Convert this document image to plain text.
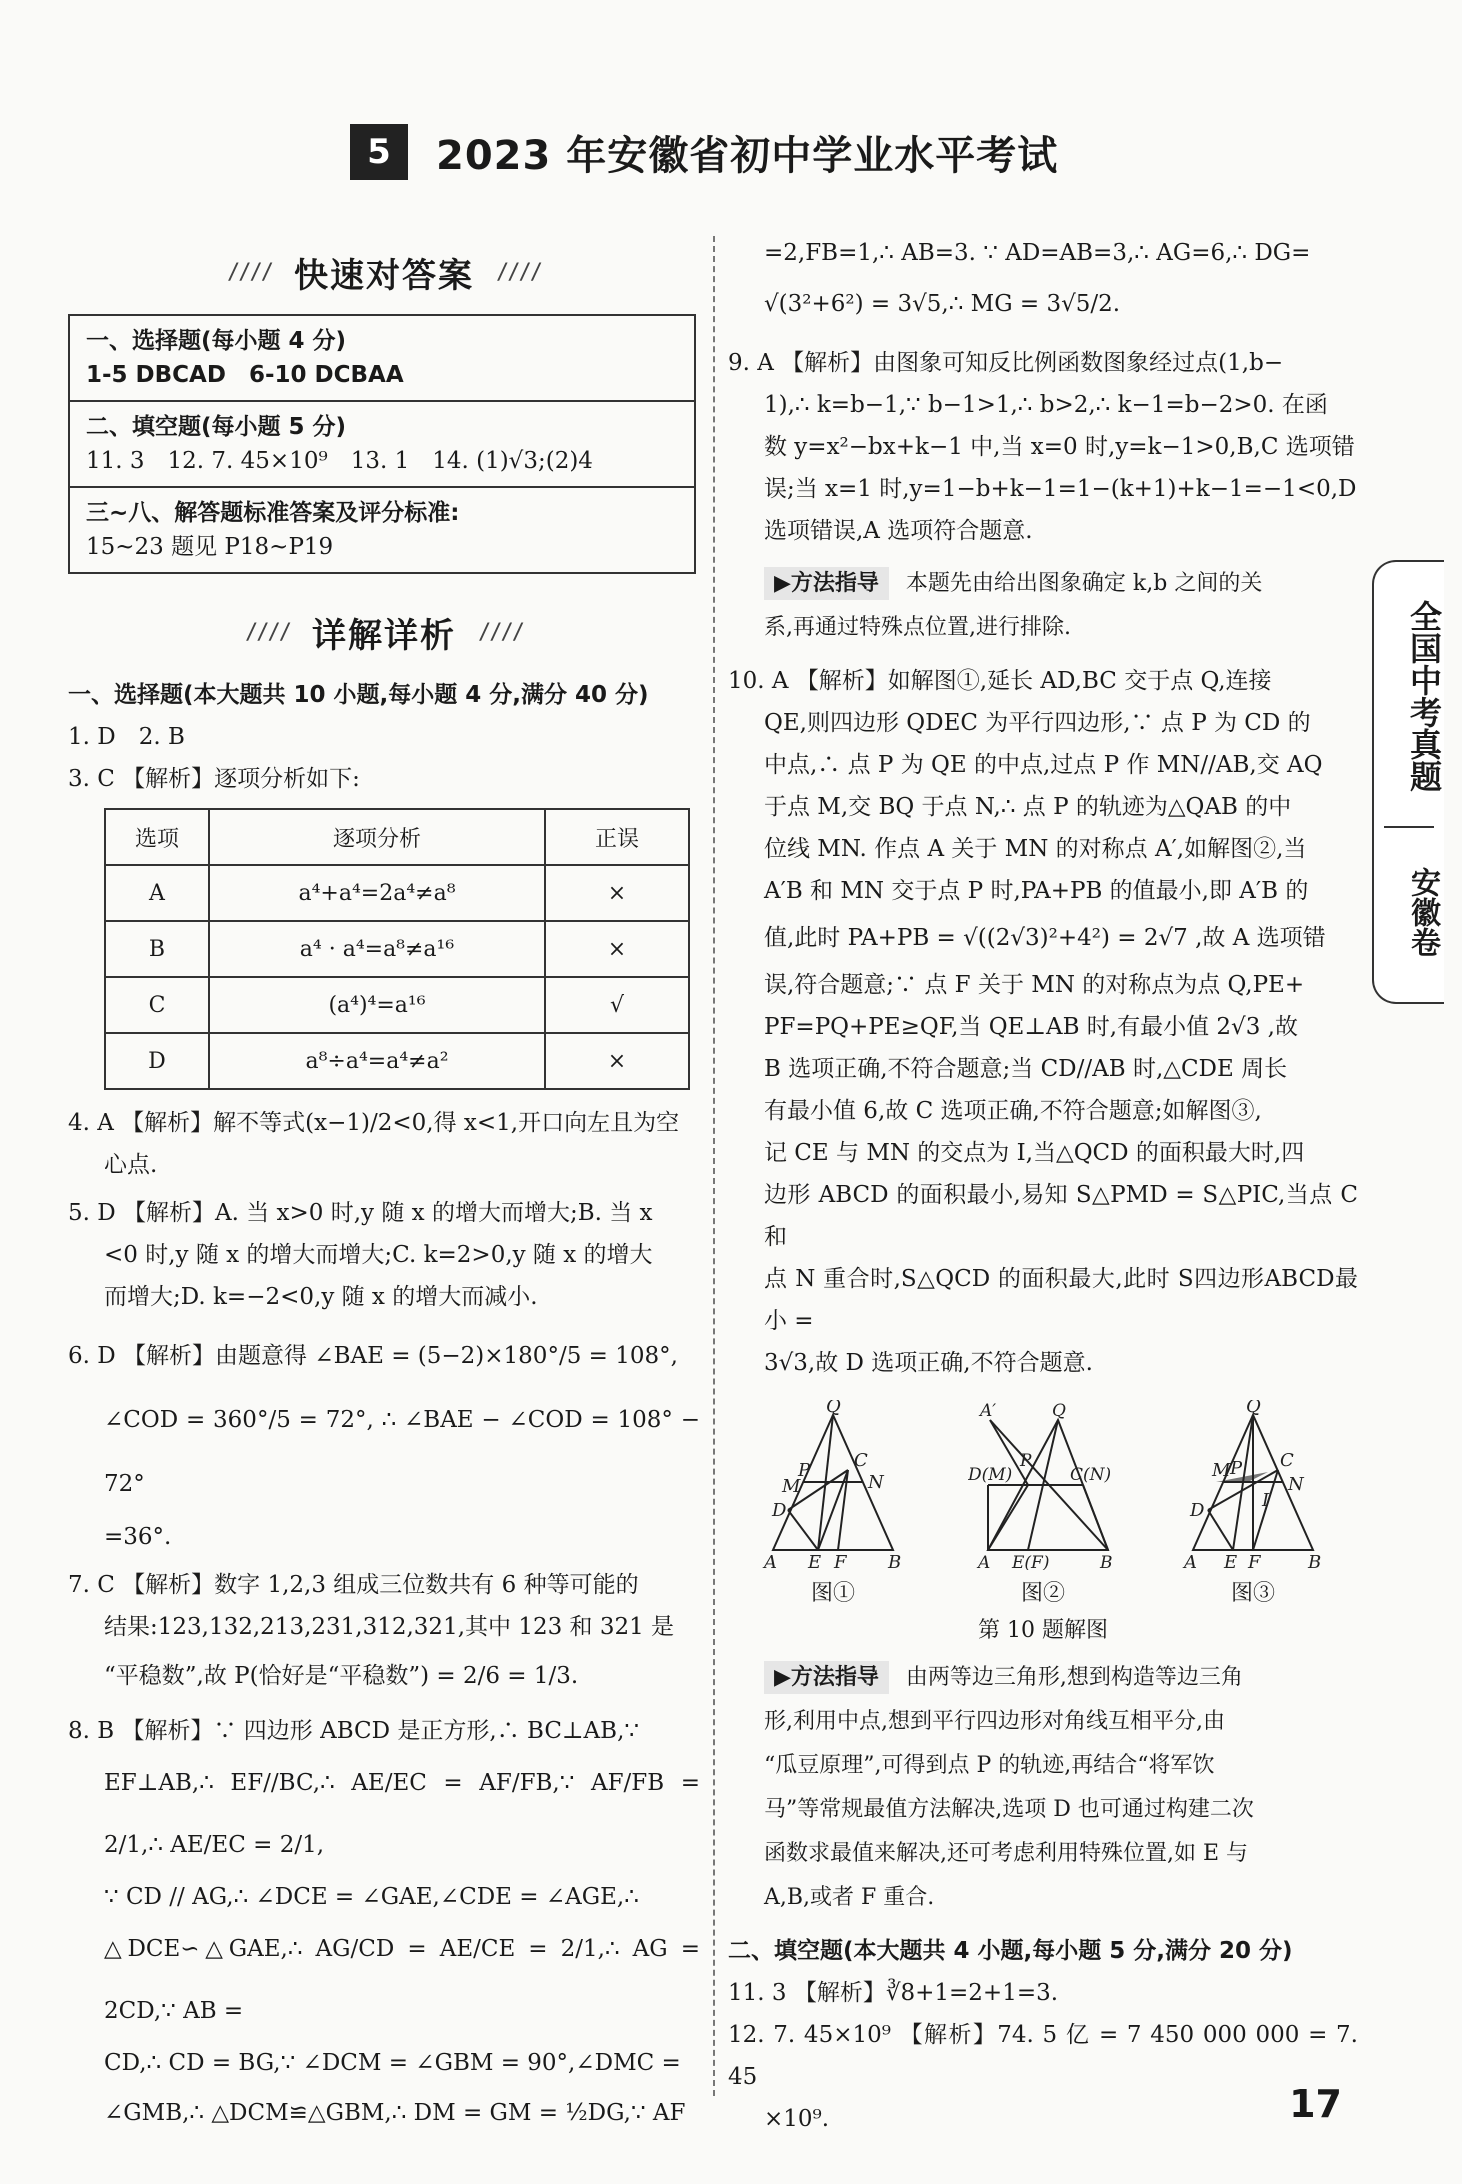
5	2023 年安徽省初中学业水平考试
//// 快速对答案 ////
一、选择题(每小题 4 分)
1-5 DBCAD　6-10 DCBAA
二、填空题(每小题 5 分)
11. 3　12. 7. 45×10⁹　13. 1　14. (1)√3;(2)4
三~八、解答题标准答案及评分标准:
15~23 题见 P18~P19
//// 详解详析 ////

一、选择题(本大题共 10 小题,每小题 4 分,满分 40 分)

1. D　2. B

3. C 【解析】逐项分析如下:

选项	逐项分析	正误
A	a⁴+a⁴=2a⁴≠a⁸	×
B	a⁴ · a⁴=a⁸≠a¹⁶	×
C	(a⁴)⁴=a¹⁶	√
D	a⁸÷a⁴=a⁴≠a²	×

4. A 【解析】解不等式(x−1)/2<0,得 x<1,开口向左且为空

心点.

5. D 【解析】A. 当 x>0 时,y 随 x 的增大而增大;B. 当 x

<0 时,y 随 x 的增大而增大;C. k=2>0,y 随 x 的增大

而增大;D. k=−2<0,y 随 x 的增大而减小.

6. D 【解析】由题意得 ∠BAE = (5−2)×180°/5 = 108°,

∠COD = 360°/5 = 72°, ∴ ∠BAE − ∠COD = 108° − 72°

=36°.

7. C 【解析】数字 1,2,3 组成三位数共有 6 种等可能的

结果:123,132,213,231,312,321,其中 123 和 321 是

“平稳数”,故 P(恰好是“平稳数”) = 2/6 = 1/3.

8. B 【解析】∵ 四边形 ABCD 是正方形,∴ BC⊥AB,∵

EF⊥AB,∴ EF//BC,∴ AE/EC = AF/FB,∵ AF/FB = 2/1,∴ AE/EC = 2/1,

∵ CD // AG,∴ ∠DCE = ∠GAE,∠CDE = ∠AGE,∴

△DCE∽△GAE,∴ AG/CD = AE/CE = 2/1,∴ AG = 2CD,∵ AB =

CD,∴ CD = BG,∵ ∠DCM = ∠GBM = 90°,∠DMC =

∠GMB,∴ △DCM≌△GBM,∴ DM = GM = ½DG,∵ AF

=2,FB=1,∴ AB=3. ∵ AD=AB=3,∴ AG=6,∴ DG=

√(3²+6²) = 3√5,∴ MG = 3√5/2.

9. A 【解析】由图象可知反比例函数图象经过点(1,b−

1),∴ k=b−1,∵ b−1>1,∴ b>2,∴ k−1=b−2>0. 在函

数 y=x²−bx+k−1 中,当 x=0 时,y=k−1>0,B,C 选项错

误;当 x=1 时,y=1−b+k−1=1−(k+1)+k−1=−1<0,D

选项错误,A 选项符合题意.

▶方法指导 本题先由给出图象确定 k,b 之间的关
系,再通过特殊点位置,进行排除.

10. A 【解析】如解图①,延长 AD,BC 交于点 Q,连接

QE,则四边形 QDEC 为平行四边形,∵ 点 P 为 CD 的

中点,∴ 点 P 为 QE 的中点,过点 P 作 MN//AB,交 AQ

于点 M,交 BQ 于点 N,∴ 点 P 的轨迹为△QAB 的中

位线 MN. 作点 A 关于 MN 的对称点 A′,如解图②,当

A′B 和 MN 交于点 P 时,PA+PB 的值最小,即 A′B 的

值,此时 PA+PB = √((2√3)²+4²) = 2√7 ,故 A 选项错

误,符合题意;∵ 点 F 关于 MN 的对称点为点 Q,PE+

PF=PQ+PE≥QF,当 QE⊥AB 时,有最小值 2√3 ,故

B 选项正确,不符合题意;当 CD//AB 时,△CDE 周长

有最小值 6,故 C 选项正确,不符合题意;如解图③,

记 CE 与 MN 的交点为 I,当△QCD 的面积最大时,四

边形 ABCD 的面积最小,易知 S△PMD = S△PIC,当点 C 和

点 N 重合时,S△QCD 的面积最大,此时 S四边形ABCD最小 =

3√3,故 D 选项正确,不符合题意.

Q
P C
M	N
D
A E F B
图①
A′	Q
P
D(M)	C(N)
A E(F)	B
图②
Q
M P C
N
I
D
A E F	B
图③
第 10 题解图
▶方法指导 由两等边三角形,想到构造等边三角
形,利用中点,想到平行四边形对角线互相平分,由
“瓜豆原理”,可得到点 P 的轨迹,再结合“将军饮
马”等常规最值方法解决,选项 D 也可通过构建二次
函数求最值来解决,还可考虑利用特殊位置,如 E 与
A,B,或者 F 重合.

二、填空题(本大题共 4 小题,每小题 5 分,满分 20 分)

11. 3 【解析】∛8+1=2+1=3.

12. 7. 45×10⁹ 【解析】74. 5 亿 = 7 450 000 000 = 7. 45

×10⁹.

全国中考真题
安徽卷
17
